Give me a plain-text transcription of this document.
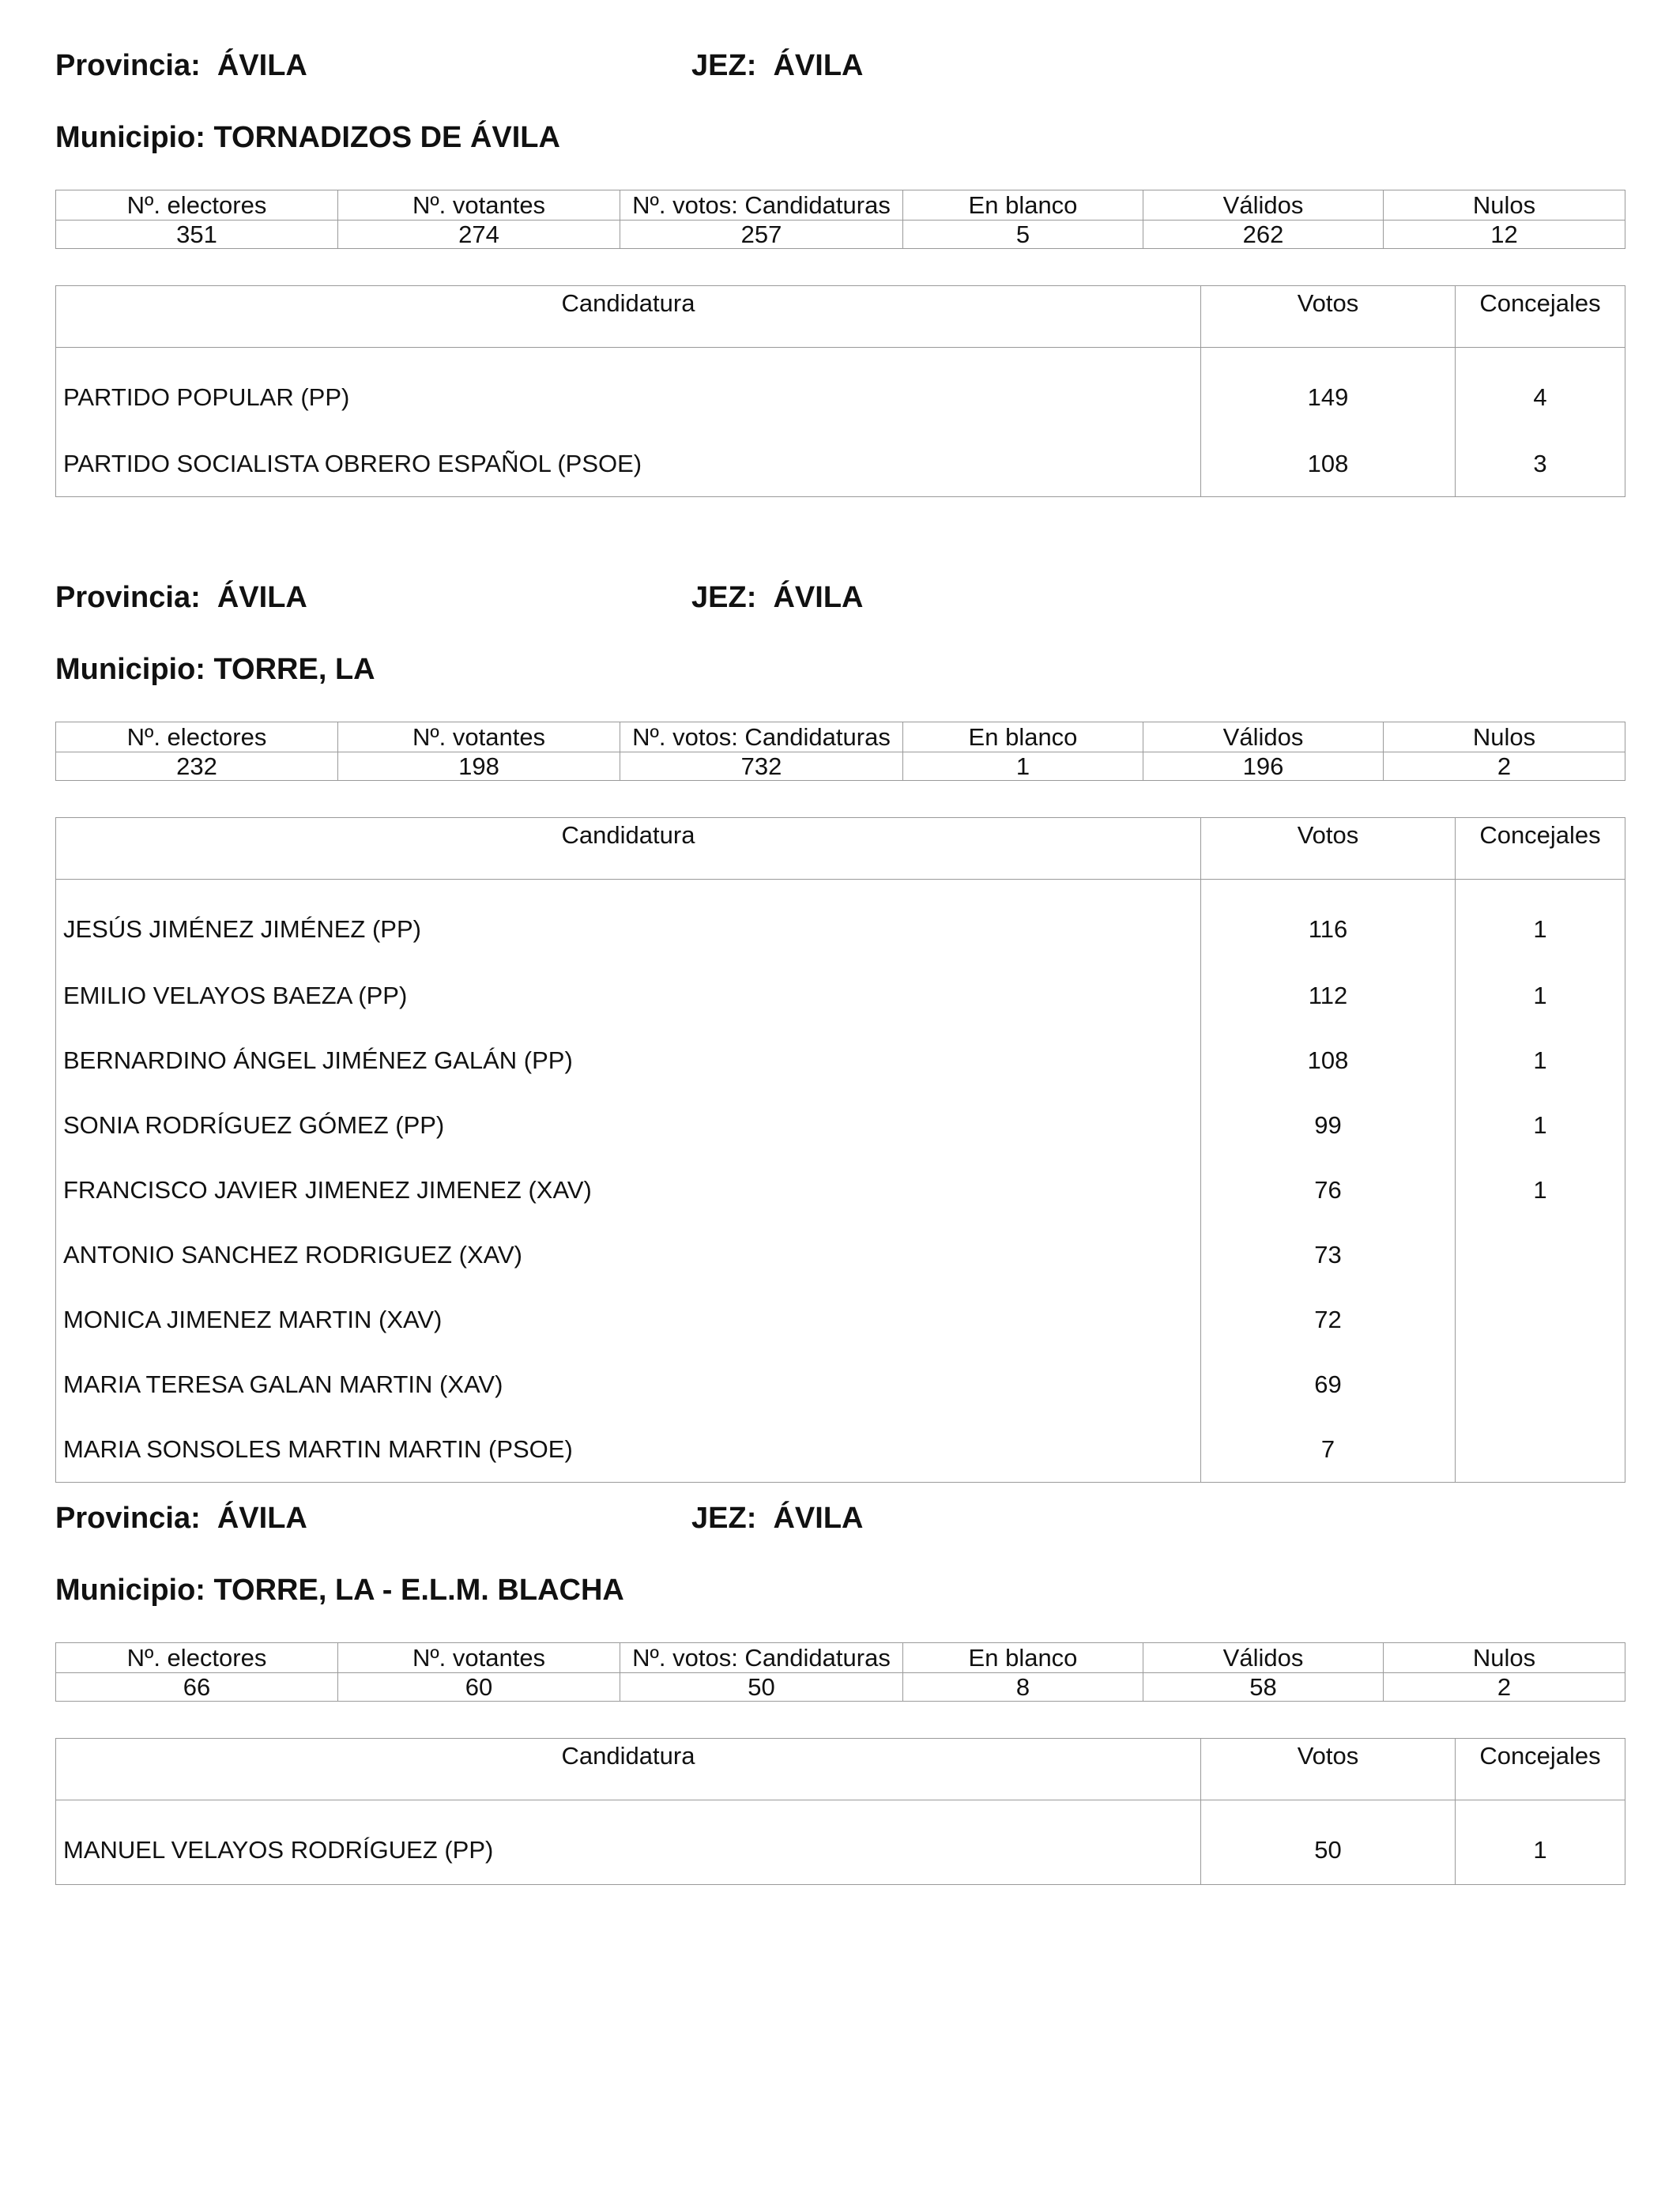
Provincia: ÁVILA	JEZ: ÁVILA
Municipio: TORNADIZOS DE ÁVILA
Nº. electores	Nº. votantes	Nº. votos: Candidaturas	En blanco	Válidos	Nulos
351	274	257	5	262	12
Candidatura	Votos	Concejales
PARTIDO POPULAR (PP)	149	4
PARTIDO SOCIALISTA OBRERO ESPAÑOL (PSOE)	108	3
Provincia: ÁVILA	JEZ: ÁVILA
Municipio: TORRE, LA
Nº. electores	Nº. votantes	Nº. votos: Candidaturas	En blanco	Válidos	Nulos
232	198	732	1	196	2
Candidatura	Votos	Concejales
JESÚS JIMÉNEZ JIMÉNEZ (PP)	116	1
EMILIO VELAYOS BAEZA (PP)	112	1
BERNARDINO ÁNGEL JIMÉNEZ GALÁN (PP)	108	1
SONIA RODRÍGUEZ GÓMEZ (PP)	99	1
FRANCISCO JAVIER JIMENEZ JIMENEZ (XAV)	76	1
ANTONIO SANCHEZ RODRIGUEZ (XAV)	73	
MONICA JIMENEZ MARTIN (XAV)	72	
MARIA TERESA GALAN MARTIN (XAV)	69	
MARIA SONSOLES MARTIN MARTIN (PSOE)	7	
Provincia: ÁVILA	JEZ: ÁVILA
Municipio: TORRE, LA - E.L.M. BLACHA
Nº. electores	Nº. votantes	Nº. votos: Candidaturas	En blanco	Válidos	Nulos
66	60	50	8	58	2
Candidatura	Votos	Concejales
MANUEL VELAYOS RODRÍGUEZ (PP)	50	1
